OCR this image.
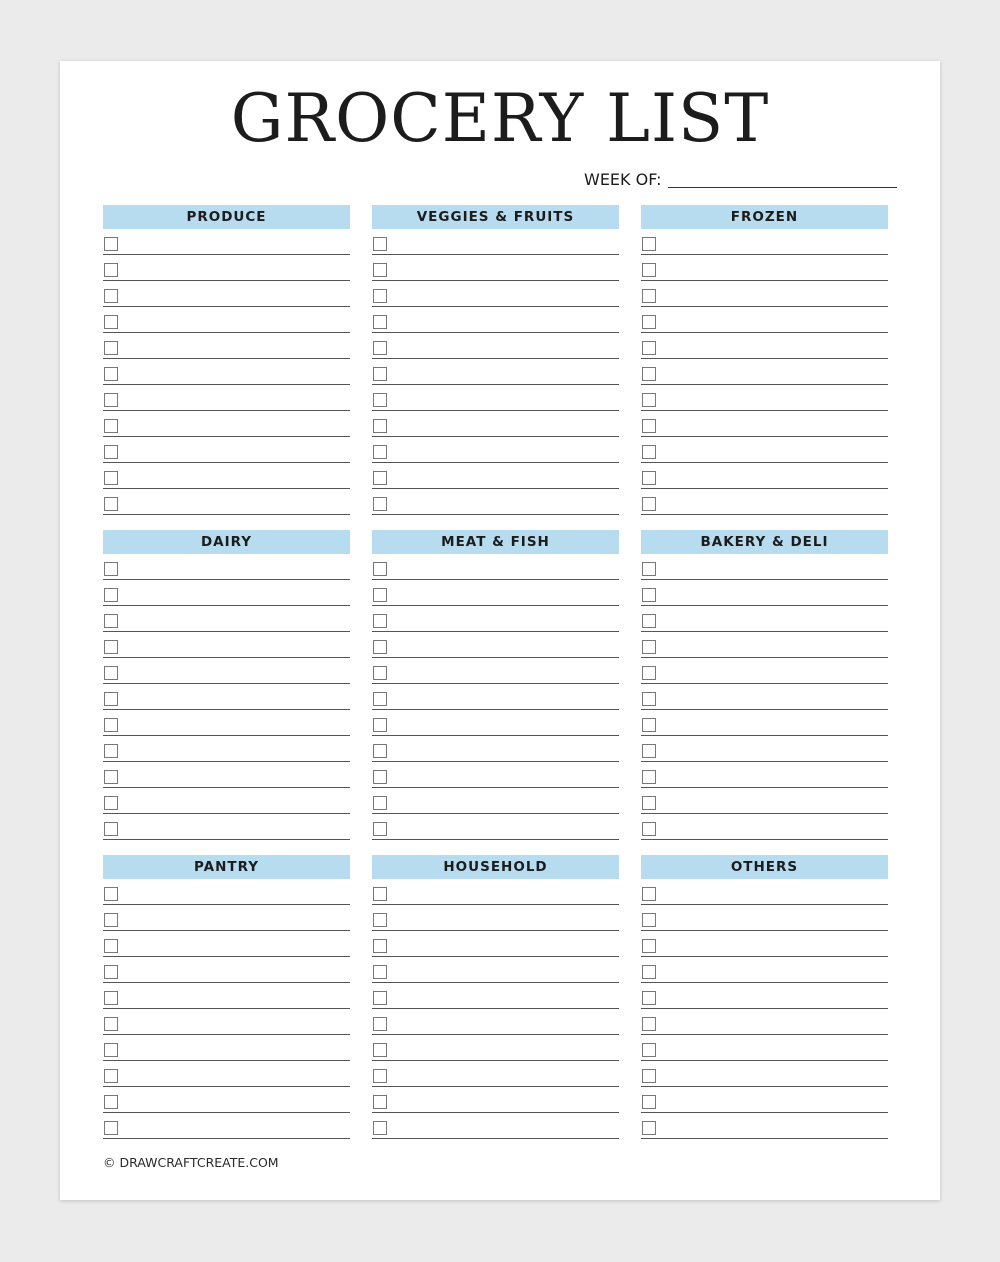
GROCERY LIST
WEEK OF:
PRODUCE	VEGGIES & FRUITS	FROZEN
DAIRY	MEAT & FISH	BAKERY & DELI
PANTRY	HOUSEHOLD	OTHERS
© DRAWCRAFTCREATE.COM
